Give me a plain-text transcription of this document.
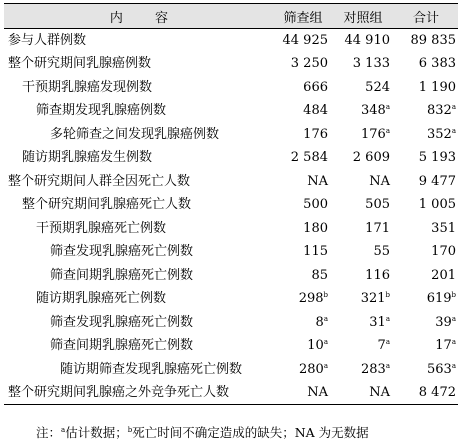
内 容	筛查组	对照组	合计
参与人群例数	44 925	44 910	89 835
整个研究期间乳腺癌例数	3 250	3 133	6 383
干预期乳腺癌发现例数	666	524	1 190
筛查期发现乳腺癌例数	484	348$^a$	832$^a$
多轮筛查之间发现乳腺癌例数	176	176$^a$	352$^a$
随访期乳腺癌发生例数	2 584	2 609	5 193
整个研究期间人群全因死亡人数	NA	NA	9 477
整个研究期间乳腺癌死亡人数	500	505	1 005
干预期乳腺癌死亡例数	180	171	351
筛查发现乳腺癌死亡例数	115	55	170
筛查间期乳腺癌死亡例数	85	116	201
随访期乳腺癌死亡例数	298$^b$	321$^b$	619$^b$
筛查发现乳腺癌死亡例数	8$^a$	31$^a$	39$^a$
筛查间期乳腺癌死亡例数	10$^a$	7$^a$	17$^a$
随访期筛查发现乳腺癌死亡例数	280$^a$	283$^a$	563$^a$
整个研究期间乳腺癌之外竞争死亡人数	NA	NA	8 472
注：$^a$估计数据；$^b$死亡时间不确定造成的缺失；NA 为无数据
